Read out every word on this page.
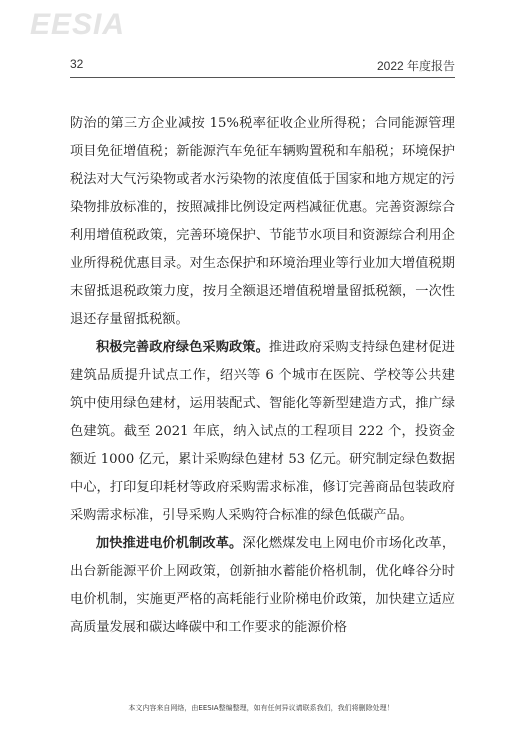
EESIA
32	2022 年度报告

防治的第三方企业减按 15%税率征收企业所得税；合同能源管理项目免征增值税；新能源汽车免征车辆购置税和车船税；环境保护税法对大气污染物或者水污染物的浓度值低于国家和地方规定的污染物排放标准的，按照减排比例设定两档减征优惠。完善资源综合利用增值税政策，完善环境保护、节能节水项目和资源综合利用企业所得税优惠目录。对生态保护和环境治理业等行业加大增值税期末留抵退税政策力度，按月全额退还增值税增量留抵税额，一次性退还存量留抵税额。

积极完善政府绿色采购政策。推进政府采购支持绿色建材促进建筑品质提升试点工作，绍兴等 6 个城市在医院、学校等公共建筑中使用绿色建材，运用装配式、智能化等新型建造方式，推广绿色建筑。截至 2021 年底，纳入试点的工程项目 222 个，投资金额近 1000 亿元，累计采购绿色建材 53 亿元。研究制定绿色数据中心，打印复印耗材等政府采购需求标准，修订完善商品包装政府采购需求标准，引导采购人采购符合标准的绿色低碳产品。

加快推进电价机制改革。深化燃煤发电上网电价市场化改革，出台新能源平价上网政策，创新抽水蓄能价格机制，优化峰谷分时电价机制，实施更严格的高耗能行业阶梯电价政策，加快建立适应高质量发展和碳达峰碳中和工作要求的能源价格

本文内容来自网络，由EESIA整编整理，如有任何异议请联系我们，我们将删除处理！
